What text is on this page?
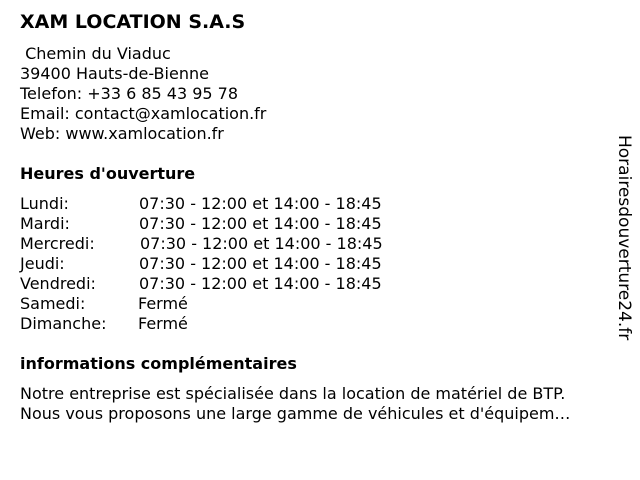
XAM LOCATION S.A.S
Chemin du Viaduc
39400 Hauts-de-Bienne
Telefon: +33 6 85 43 95 78
Email: contact@xamlocation.fr
Web: www.xamlocation.fr
Heures d'ouverture
Lundi:	07:30 - 12:00 et 14:00 - 18:45
Mardi:	07:30 - 12:00 et 14:00 - 18:45
Mercredi:	07:30 - 12:00 et 14:00 - 18:45
Jeudi:	07:30 - 12:00 et 14:00 - 18:45
Vendredi:	07:30 - 12:00 et 14:00 - 18:45
Samedi:	Fermé
Dimanche: Fermé
informations complémentaires
Notre entreprise est spécialisée dans la location de matériel de BTP.
Nous vous proposons une large gamme de véhicules et d'équipem…
Horairesdouverture24.fr
